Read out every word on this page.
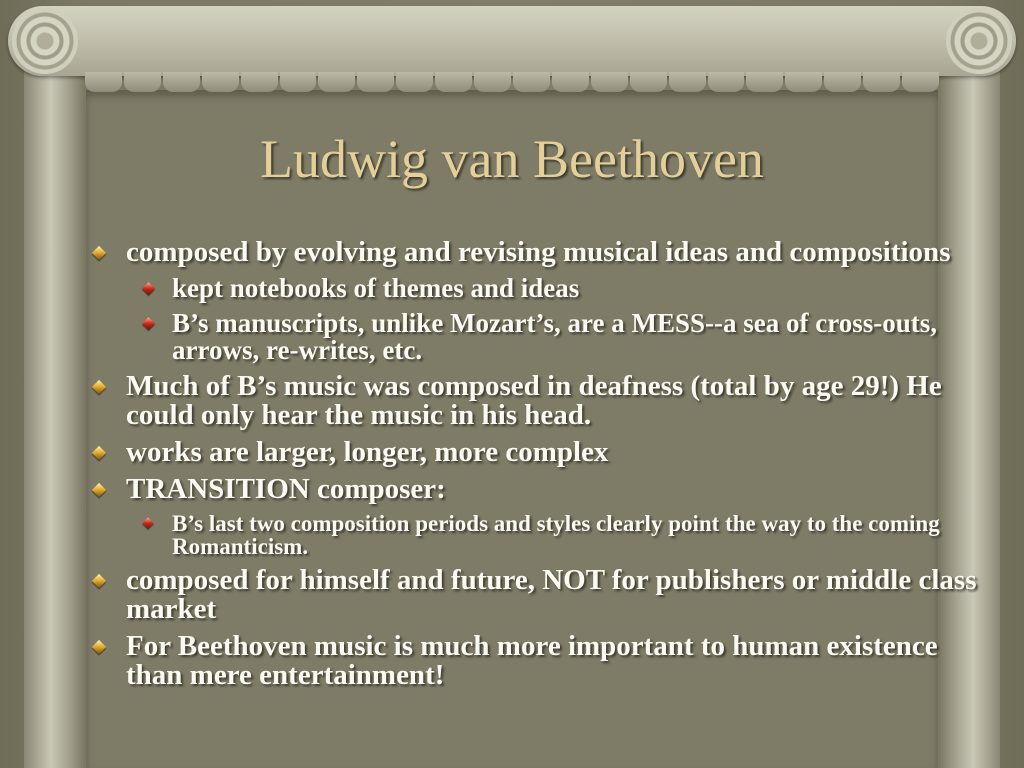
Ludwig van Beethoven
composed by evolving and revising musical ideas and compositions
kept notebooks of themes and ideas
B’s manuscripts, unlike Mozart’s, are a MESS--a sea of cross-outs, arrows, re-writes, etc.
Much of B’s music was composed in deafness (total by age 29!) He could only hear the music in his head.
works are larger, longer, more complex
TRANSITION composer:
B’s last two composition periods and styles clearly point the way to the coming Romanticism.
composed for himself and future, NOT for publishers or middle class market
For Beethoven music is much more important to human existence than mere entertainment!
